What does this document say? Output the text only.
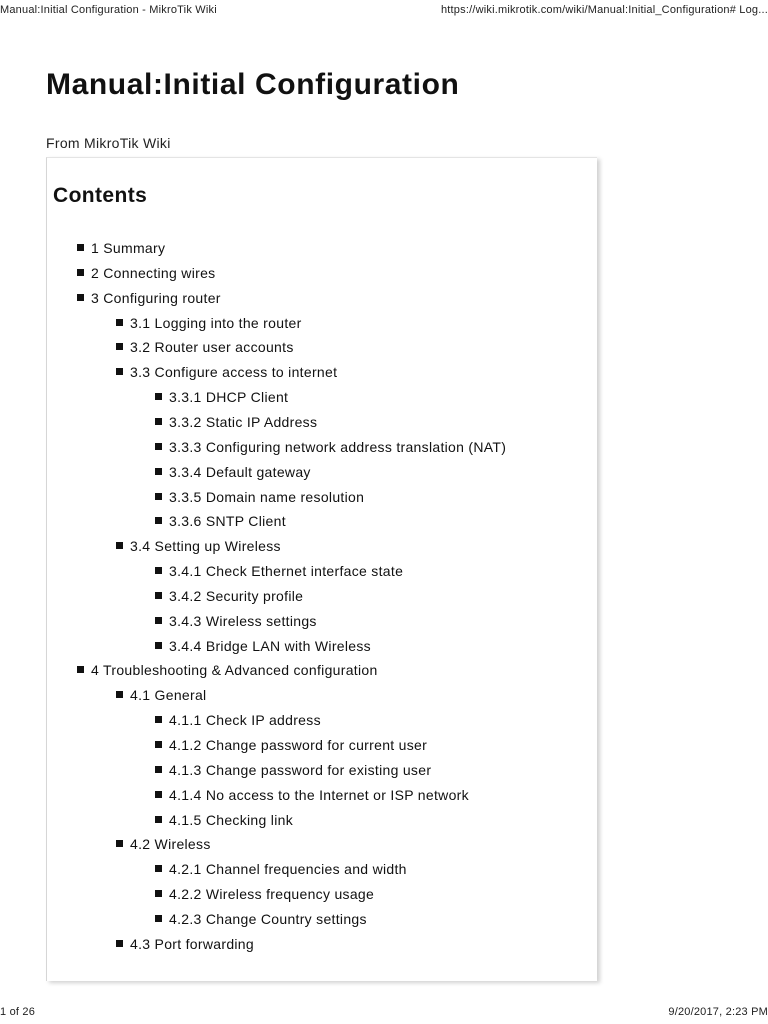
Manual:Initial Configuration - MikroTik Wiki	https://wiki.mikrotik.com/wiki/Manual:Initial_Configuration# Log...
Manual:Initial Configuration
From MikroTik Wiki
Contents
1 Summary
2 Connecting wires
3 Configuring router
3.1 Logging into the router
3.2 Router user accounts
3.3 Configure access to internet
3.3.1 DHCP Client
3.3.2 Static IP Address
3.3.3 Configuring network address translation (NAT)
3.3.4 Default gateway
3.3.5 Domain name resolution
3.3.6 SNTP Client
3.4 Setting up Wireless
3.4.1 Check Ethernet interface state
3.4.2 Security profile
3.4.3 Wireless settings
3.4.4 Bridge LAN with Wireless
4 Troubleshooting & Advanced configuration
4.1 General
4.1.1 Check IP address
4.1.2 Change password for current user
4.1.3 Change password for existing user
4.1.4 No access to the Internet or ISP network
4.1.5 Checking link
4.2 Wireless
4.2.1 Channel frequencies and width
4.2.2 Wireless frequency usage
4.2.3 Change Country settings
4.3 Port forwarding
1 of 26	9/20/2017, 2:23 PM
